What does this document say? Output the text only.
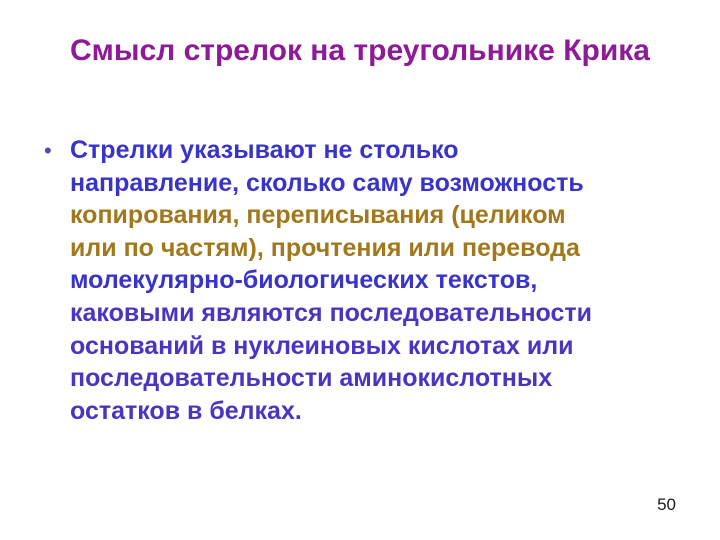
Смысл стрелок на треугольнике Крика
• Стрелки указывают не столько
направление, сколько саму возможность
копирования, переписывания (целиком
или по частям), прочтения или перевода
молекулярно-биологических текстов,
каковыми являются последовательности
оснований в нуклеиновых кислотах или
последовательности аминокислотных
остатков в белках.
50
